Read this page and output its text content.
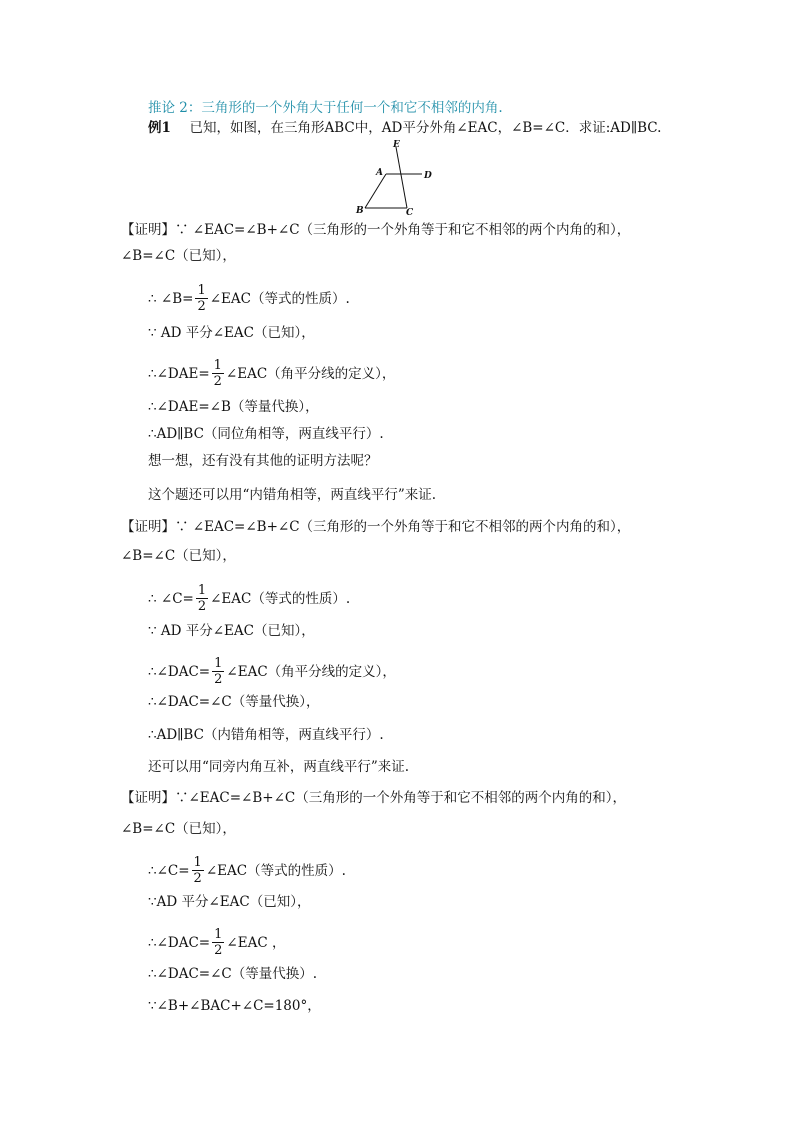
推论 2：三角形的一个外角大于任何一个和它不相邻的内角.
例1 已知，如图，在三角形ABC中，AD平分外角∠EAC，∠B=∠C．求证:AD∥BC.
E
A	D
B	C
【证明】∵ ∠EAC=∠B+∠C（三角形的一个外角等于和它不相邻的两个内角的和），
∠B=∠C（已知），
∴ ∠B= $\frac{1}{2}$ ∠EAC（等式的性质）.
∵ AD 平分∠EAC（已知），
∴∠DAE= $\frac{1}{2}$ ∠EAC（角平分线的定义），
∴∠DAE=∠B（等量代换），
∴AD∥BC（同位角相等，两直线平行）.
想一想，还有没有其他的证明方法呢？
这个题还可以用“内错角相等，两直线平行”来证.
【证明】∵ ∠EAC=∠B+∠C（三角形的一个外角等于和它不相邻的两个内角的和），
∠B=∠C（已知），
∴ ∠C= $\frac{1}{2}$ ∠EAC（等式的性质）.
∵ AD 平分∠EAC（已知），
∴∠DAC= $\frac{1}{2}$ ∠EAC（角平分线的定义），
∴∠DAC=∠C（等量代换），
∴AD∥BC（内错角相等，两直线平行）.
还可以用“同旁内角互补，两直线平行”来证.
【证明】∵∠EAC=∠B+∠C（三角形的一个外角等于和它不相邻的两个内角的和），
∠B=∠C（已知），
∴∠C= $\frac{1}{2}$ ∠EAC（等式的性质）.
∵AD 平分∠EAC（已知），
∴∠DAC= $\frac{1}{2}$ ∠EAC ，
∴∠DAC=∠C（等量代换）.
∵∠B+∠BAC+∠C=180°，
